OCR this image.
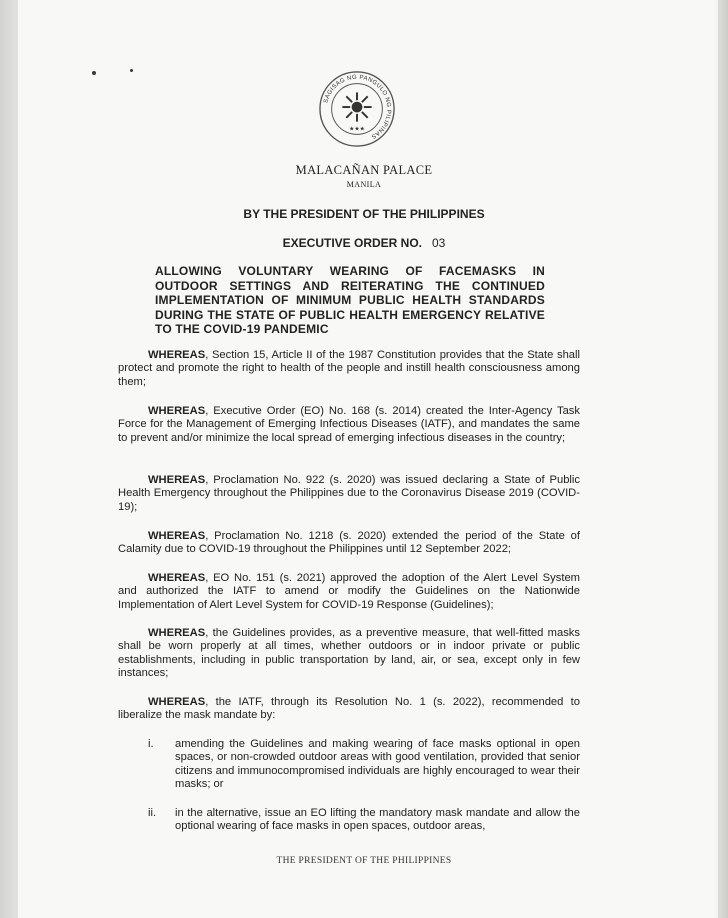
SAGISAG NG PANGULO NG PILIPINAS
★★★
MALACAÑAN PALACE
MANILA
BY THE PRESIDENT OF THE PHILIPPINES
EXECUTIVE ORDER NO. 03
ALLOWING VOLUNTARY WEARING OF FACEMASKS IN OUTDOOR SETTINGS AND REITERATING THE CONTINUED IMPLEMENTATION OF MINIMUM PUBLIC HEALTH STANDARDS DURING THE STATE OF PUBLIC HEALTH EMERGENCY RELATIVE TO THE COVID-19 PANDEMIC
WHEREAS, Section 15, Article II of the 1987 Constitution provides that the State shall protect and promote the right to health of the people and instill health consciousness among them;
WHEREAS, Executive Order (EO) No. 168 (s. 2014) created the Inter-Agency Task Force for the Management of Emerging Infectious Diseases (IATF), and mandates the same to prevent and/or minimize the local spread of emerging infectious diseases in the country;
WHEREAS, Proclamation No. 922 (s. 2020) was issued declaring a State of Public Health Emergency throughout the Philippines due to the Coronavirus Disease 2019 (COVID-19);
WHEREAS, Proclamation No. 1218 (s. 2020) extended the period of the State of Calamity due to COVID-19 throughout the Philippines until 12 September 2022;
WHEREAS, EO No. 151 (s. 2021) approved the adoption of the Alert Level System and authorized the IATF to amend or modify the Guidelines on the Nationwide Implementation of Alert Level System for COVID-19 Response (Guidelines);
WHEREAS, the Guidelines provides, as a preventive measure, that well-fitted masks shall be worn properly at all times, whether outdoors or in indoor private or public establishments, including in public transportation by land, air, or sea, except only in few instances;
WHEREAS, the IATF, through its Resolution No. 1 (s. 2022), recommended to liberalize the mask mandate by:
i.	amending the Guidelines and making wearing of face masks optional in open spaces, or non-crowded outdoor areas with good ventilation, provided that senior citizens and immunocompromised individuals are highly encouraged to wear their masks; or
ii.	in the alternative, issue an EO lifting the mandatory mask mandate and allow the optional wearing of face masks in open spaces, outdoor areas,
THE PRESIDENT OF THE PHILIPPINES
